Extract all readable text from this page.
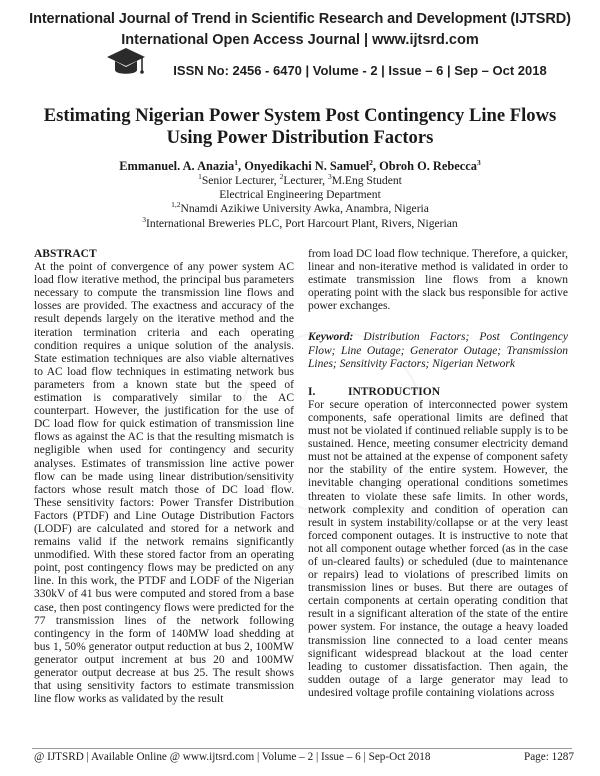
International Journal of Trend in Scientific Research and Development (IJTSRD)
International Open Access Journal | www.ijtsrd.com
ISSN No: 2456 - 6470 | Volume - 2 | Issue – 6 | Sep – Oct 2018

Estimating Nigerian Power System Post Contingency Line Flows
Using Power Distribution Factors

Emmanuel. A. Anazia$^1$, Onyedikachi N. Samuel$^2$, Obroh O. Rebecca$^3$
$^1$Senior Lecturer, $^2$Lecturer, $^3$M.Eng Student
Electrical Engineering Department
$^{1,2}$Nnamdi Azikiwe University Awka, Anambra, Nigeria
$^3$International Breweries PLC, Port Harcourt Plant, Rivers, Nigerian

ABSTRACT

At the point of convergence of any power system AC load flow iterative method, the principal bus parameters necessary to compute the transmission line flows and losses are provided. The exactness and accuracy of the result depends largely on the iterative method and the iteration termination criteria and each operating condition requires a unique solution of the analysis. State estimation techniques are also viable alternatives to AC load flow techniques in estimating network bus parameters from a known state but the speed of estimation is comparatively similar to the AC counterpart. However, the justification for the use of DC load flow for quick estimation of transmission line flows as against the AC is that the resulting mismatch is negligible when used for contingency and security analyses. Estimates of transmission line active power flow can be made using linear distribution/sensitivity factors whose result match those of DC load flow. These sensitivity factors: Power Transfer Distribution Factors (PTDF) and Line Outage Distribution Factors (LODF) are calculated and stored for a network and remains valid if the network remains significantly unmodified. With these stored factor from an operating point, post contingency flows may be predicted on any line. In this work, the PTDF and LODF of the Nigerian 330kV of 41 bus were computed and stored from a base case, then post contingency flows were predicted for the 77 transmission lines of the network following contingency in the form of 140MW load shedding at bus 1, 50% generator output reduction at bus 2, 100MW generator output increment at bus 20 and 100MW generator output decrease at bus 25. The result shows that using sensitivity factors to estimate transmission line flow works as validated by the result

from load DC load flow technique. Therefore, a quicker, linear and non-iterative method is validated in order to estimate transmission line flows from a known operating point with the slack bus responsible for active power exchanges.

Keyword: Distribution Factors; Post Contingency Flow; Line Outage; Generator Outage; Transmission Lines; Sensitivity Factors; Nigerian Network

I.	INTRODUCTION

For secure operation of interconnected power system components, safe operational limits are defined that must not be violated if continued reliable supply is to be sustained. Hence, meeting consumer electricity demand must not be attained at the expense of component safety nor the stability of the entire system. However, the inevitable changing operational conditions sometimes threaten to violate these safe limits. In other words, network complexity and condition of operation can result in system instability/collapse or at the very least forced component outages. It is instructive to note that not all component outage whether forced (as in the case of un-cleared faults) or scheduled (due to maintenance or repairs) lead to violations of prescribed limits on transmission lines or buses. But there are outages of certain components at certain operating condition that result in a significant alteration of the state of the entire power system. For instance, the outage a heavy loaded transmission line connected to a load center means significant widespread blackout at the load center leading to customer dissatisfaction. Then again, the sudden outage of a large generator may lead to undesired voltage profile containing violations across

@ IJTSRD | Available Online @ www.ijtsrd.com | Volume – 2 | Issue – 6 | Sep-Oct 2018	Page: 1287
